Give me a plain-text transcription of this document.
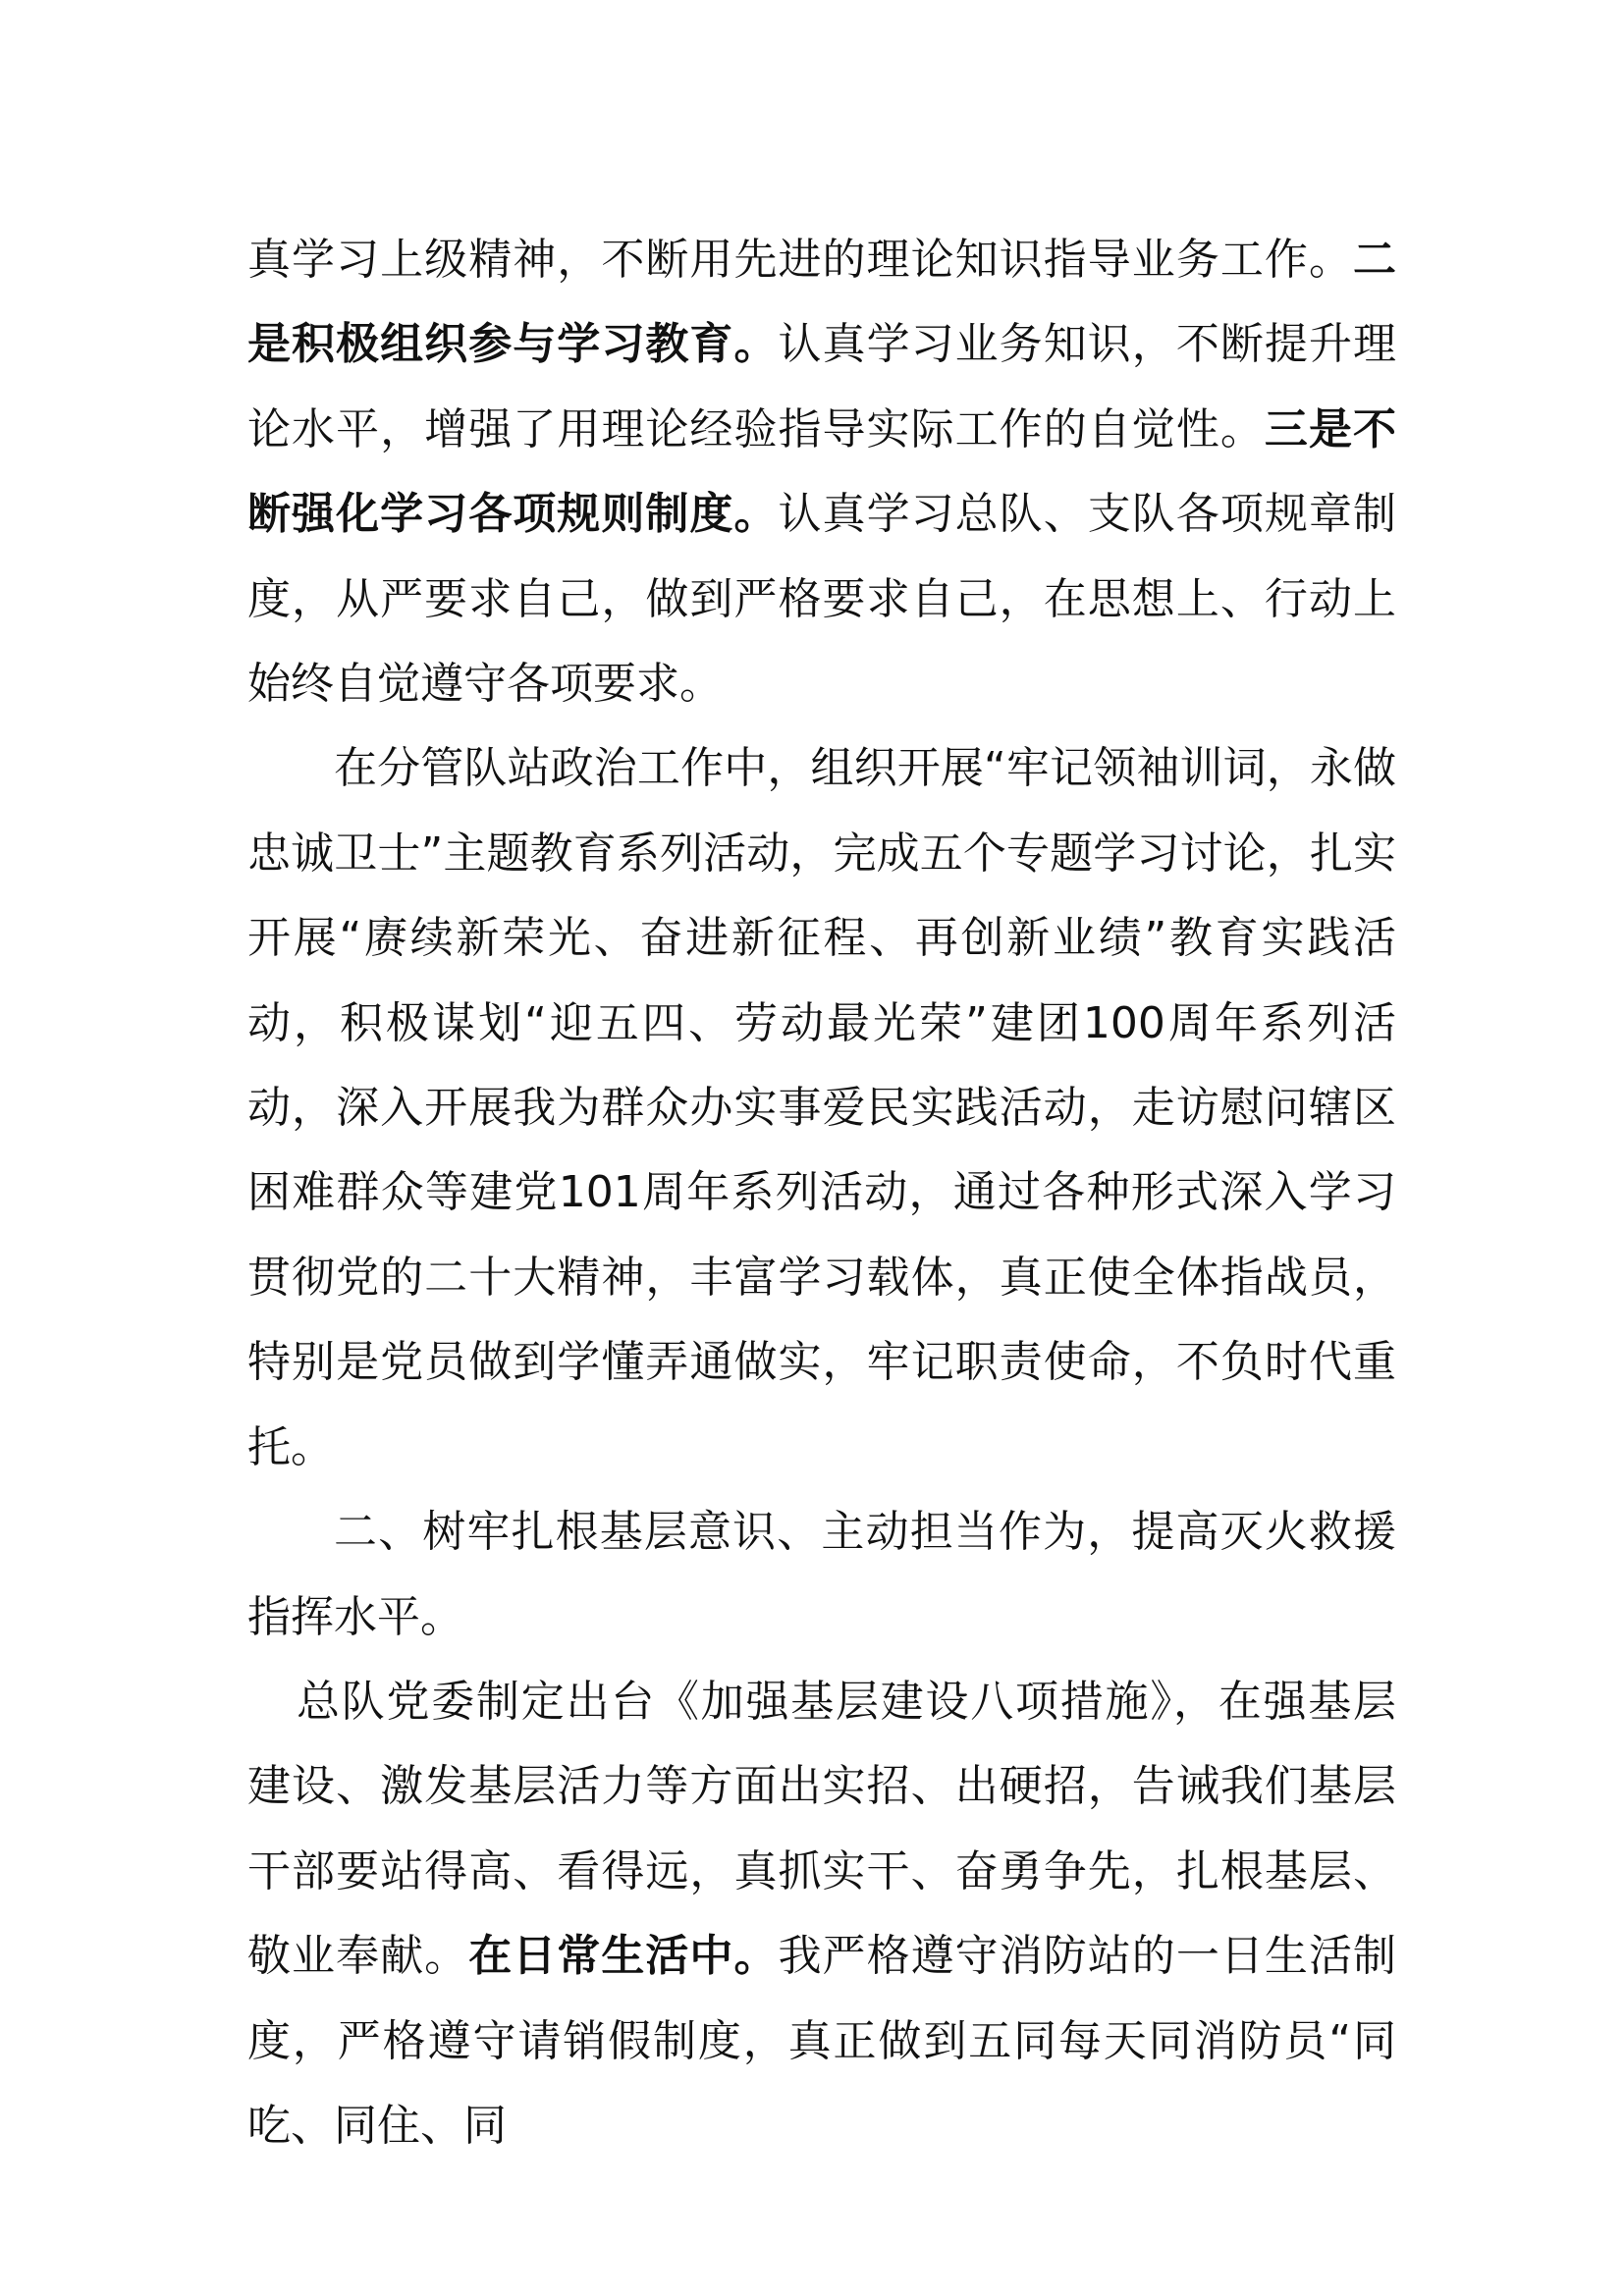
真学习上级精神，不断用先进的理论知识指导业务工作。二是积极组织参与学习教育。认真学习业务知识，不断提升理论水平，增强了用理论经验指导实际工作的自觉性。三是不断强化学习各项规则制度。认真学习总队、支队各项规章制度，从严要求自己，做到严格要求自己，在思想上、行动上始终自觉遵守各项要求。

在分管队站政治工作中，组织开展“牢记领袖训词，永做忠诚卫士”主题教育系列活动，完成五个专题学习讨论，扎实开展“赓续新荣光、奋进新征程、再创新业绩”教育实践活动，积极谋划“迎五四、劳动最光荣”建团100周年系列活动，深入开展我为群众办实事爱民实践活动，走访慰问辖区困难群众等建党101周年系列活动，通过各种形式深入学习贯彻党的二十大精神，丰富学习载体，真正使全体指战员，特别是党员做到学懂弄通做实，牢记职责使命，不负时代重托。

二、树牢扎根基层意识、主动担当作为，提高灭火救援指挥水平。

总队党委制定出台《加强基层建设八项措施》，在强基层建设、激发基层活力等方面出实招、出硬招，告诫我们基层干部要站得高、看得远，真抓实干、奋勇争先，扎根基层、敬业奉献。在日常生活中。我严格遵守消防站的一日生活制度，严格遵守请销假制度，真正做到五同每天同消防员“同吃、同住、同
